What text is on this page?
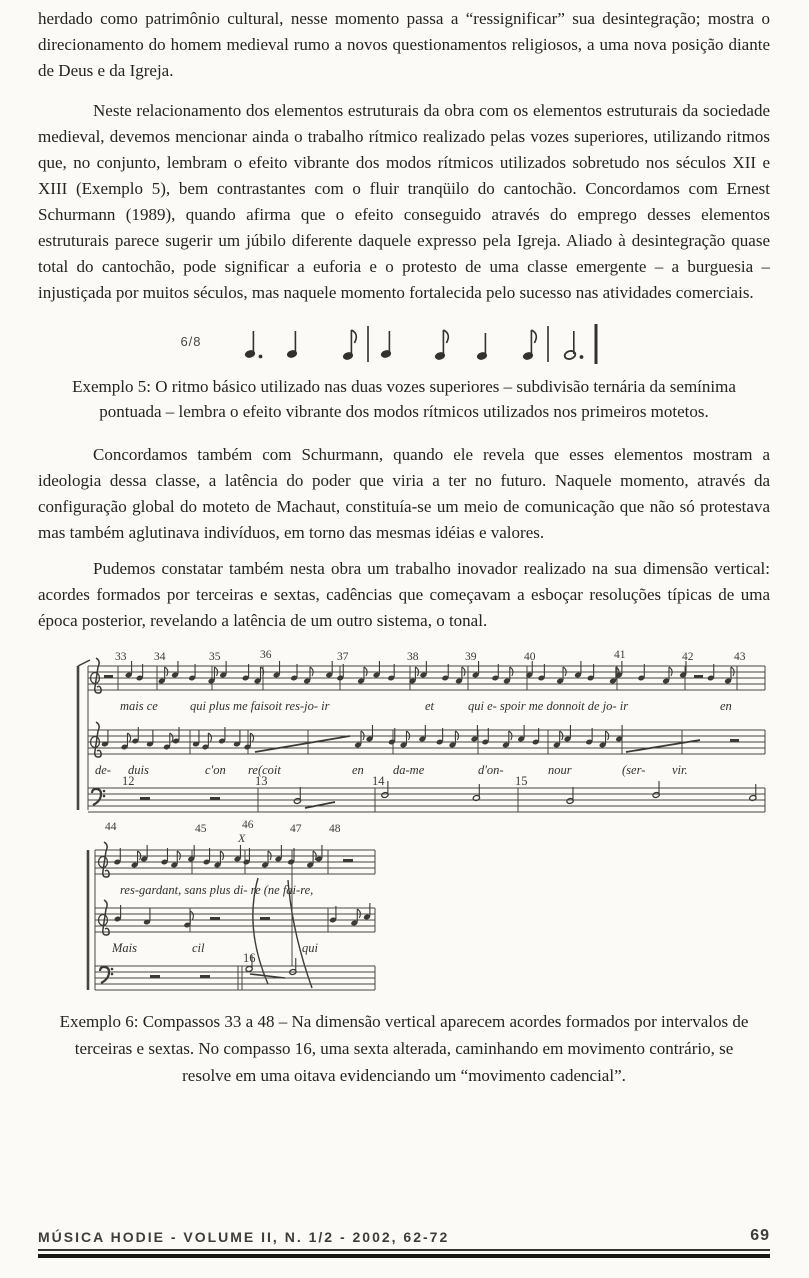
herdado como patrimônio cultural, nesse momento passa a “ressignificar” sua desintegração; mostra o direcionamento do homem medieval rumo a novos questionamentos religiosos, a uma nova posição diante de Deus e da Igreja.

Neste relacionamento dos elementos estruturais da obra com os elementos estruturais da sociedade medieval, devemos mencionar ainda o trabalho rítmico realizado pelas vozes superiores, utilizando ritmos que, no conjunto, lembram o efeito vibrante dos modos rítmicos utilizados sobretudo nos séculos XII e XIII (Exemplo 5), bem contrastantes com o fluir tranqüilo do cantochão. Concordamos com Ernest Schurmann (1989), quando afirma que o efeito conseguido através do emprego desses elementos estruturais parece sugerir um júbilo diferente daquele expresso pela Igreja. Aliado à desintegração quase total do cantochão, pode significar a euforia e o protesto de uma classe emergente – a burguesia – injustiçada por muitos séculos, mas naquele momento fortalecida pelo sucesso nas atividades comerciais.

6/8

Exemplo 5: O ritmo básico utilizado nas duas vozes superiores – subdivisão ternária da semínima pontuada – lembra o efeito vibrante dos modos rítmicos utilizados nos primeiros motetos.

Concordamos também com Schurmann, quando ele revela que esses elementos mostram a ideologia dessa classe, a latência do poder que viria a ter no futuro. Naquele momento, através da configuração global do moteto de Machaut, constituía-se um meio de comunicação que não só protestava mas também aglutinava indivíduos, em torno das mesmas idéias e valores.

Pudemos constatar também nesta obra um trabalho inovador realizado na sua dimensão vertical: acordes formados por terceiras e sextas, cadências que começavam a esboçar resoluções típicas de uma época posterior, revelando a latência de um outro sistema, o tonal.

33 34	35	36	37	38	39	40	41	42	43
mais ce	qui plus me faisoit res-jo- ir	et	qui e- spoir me donnoit de jo- ir	en
de- duis	c'on re(coit	en da-me	d'on-	nour	(ser- vir.
12	13	14	15
44	45	46	47 48
X
res-gardant, sans plus di- re (ne fai-re,
Mais	cil	qui
16

Exemplo 6: Compassos 33 a 48 – Na dimensão vertical aparecem acordes formados por intervalos de terceiras e sextas. No compasso 16, uma sexta alterada, caminhando em movimento contrário, se resolve em uma oitava evidenciando um “movimento cadencial”.

MÚSICA HODIE - VOLUME II, N. 1/2 - 2002, 62-72	69
